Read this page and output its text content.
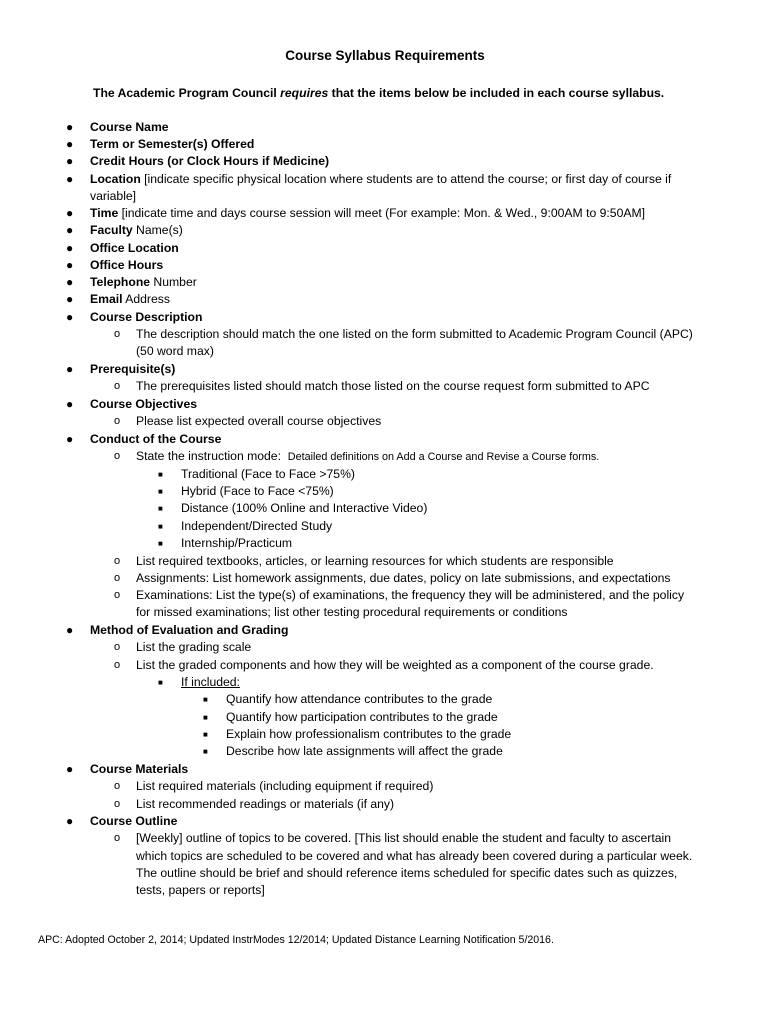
Course Syllabus Requirements
The Academic Program Council requires that the items below be included in each course syllabus.
● Course Name
● Term or Semester(s) Offered
● Credit Hours (or Clock Hours if Medicine)
● Location [indicate specific physical location where students are to attend the course; or first day of course if
variable]
● Time [indicate time and days course session will meet (For example: Mon. & Wed., 9:00AM to 9:50AM]
● Faculty Name(s)
● Office Location
● Office Hours
● Telephone Number
● Email Address
● Course Description
o The description should match the one listed on the form submitted to Academic Program Council (APC)
(50 word max)
● Prerequisite(s)
o The prerequisites listed should match those listed on the course request form submitted to APC
● Course Objectives
o Please list expected overall course objectives
● Conduct of the Course
o State the instruction mode: Detailed definitions on Add a Course and Revise a Course forms.
■ Traditional (Face to Face >75%)
■ Hybrid (Face to Face <75%)
■ Distance (100% Online and Interactive Video)
■ Independent/Directed Study
■ Internship/Practicum
o List required textbooks, articles, or learning resources for which students are responsible
o Assignments: List homework assignments, due dates, policy on late submissions, and expectations
o Examinations: List the type(s) of examinations, the frequency they will be administered, and the policy
for missed examinations; list other testing procedural requirements or conditions
● Method of Evaluation and Grading
o List the grading scale
o List the graded components and how they will be weighted as a component of the course grade.
■ If included:
■ Quantify how attendance contributes to the grade
■ Quantify how participation contributes to the grade
■ Explain how professionalism contributes to the grade
■ Describe how late assignments will affect the grade
● Course Materials
o List required materials (including equipment if required)
o List recommended readings or materials (if any)
● Course Outline
o [Weekly] outline of topics to be covered. [This list should enable the student and faculty to ascertain
which topics are scheduled to be covered and what has already been covered during a particular week.
The outline should be brief and should reference items scheduled for specific dates such as quizzes,
tests, papers or reports]
APC: Adopted October 2, 2014; Updated InstrModes 12/2014; Updated Distance Learning Notification 5/2016.
